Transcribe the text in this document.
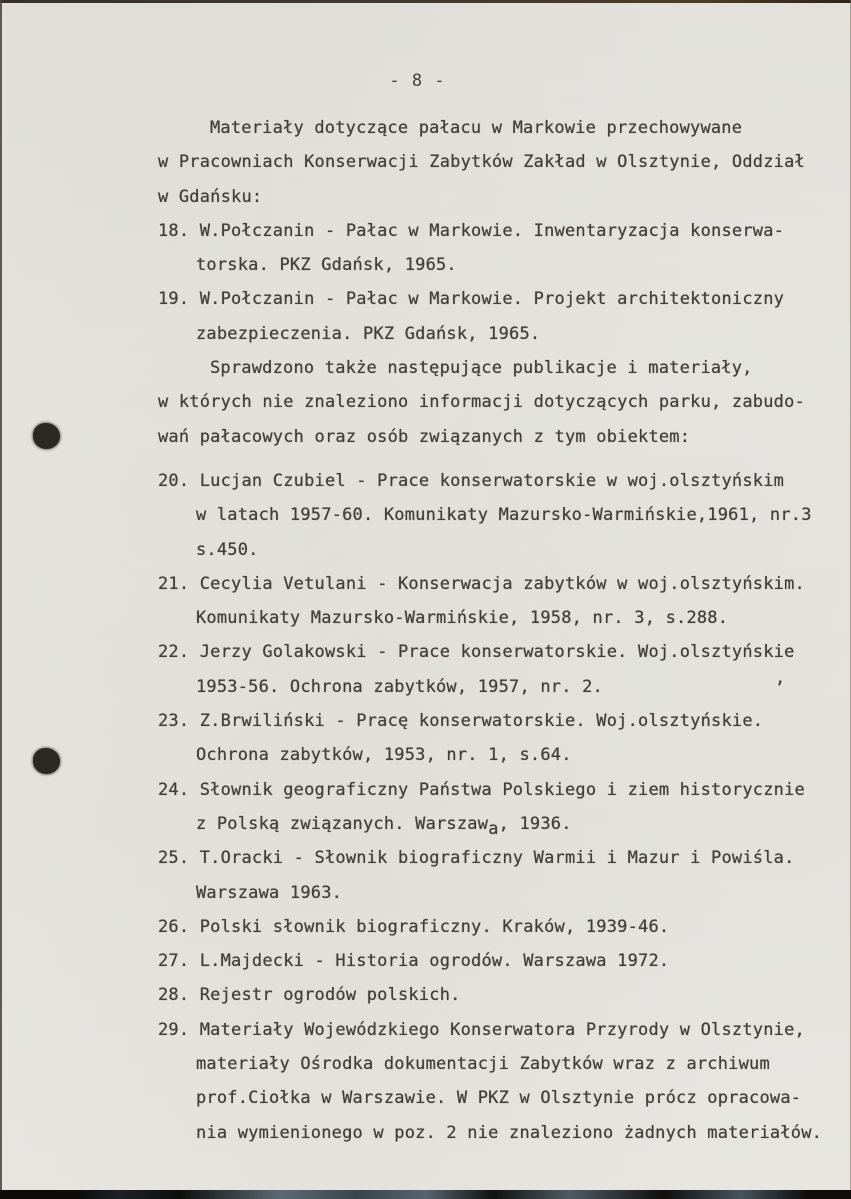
- 8 -
Materiały dotyczące pałacu w Markowie przechowywane
w Pracowniach Konserwacji Zabytków Zakład w Olsztynie, Oddział
w Gdańsku:
18. W.Połczanin - Pałac w Markowie. Inwentaryzacja konserwa-
torska. PKZ Gdańsk, 1965.
19. W.Połczanin - Pałac w Markowie. Projekt architektoniczny
zabezpieczenia. PKZ Gdańsk, 1965.
Sprawdzono także następujące publikacje i materiały,
w których nie znaleziono informacji dotyczących parku, zabudo-
wań pałacowych oraz osób związanych z tym obiektem:
20. Lucjan Czubiel - Prace konserwatorskie w woj.olsztyńskim
w latach 1957-60. Komunikaty Mazursko-Warmińskie,1961, nr.3
s.450.
21. Cecylia Vetulani - Konserwacja zabytków w woj.olsztyńskim.
Komunikaty Mazursko-Warmińskie, 1958, nr. 3, s.288.
22. Jerzy Golakowski - Prace konserwatorskie. Woj.olsztyńskie
1953-56. Ochrona zabytków, 1957, nr. 2.
23. Z.Brwiliński - Pracę konserwatorskie. Woj.olsztyńskie.
Ochrona zabytków, 1953, nr. 1, s.64.
24. Słownik geograficzny Państwa Polskiego i ziem historycznie
z Polską związanych. Warszawa, 1936.
25. T.Oracki - Słownik biograficzny Warmii i Mazur i Powiśla.
Warszawa 1963.
26. Polski słownik biograficzny. Kraków, 1939-46.
27. L.Majdecki - Historia ogrodów. Warszawa 1972.
28. Rejestr ogrodów polskich.
29. Materiały Wojewódzkiego Konserwatora Przyrody w Olsztynie,
materiały Ośrodka dokumentacji Zabytków wraz z archiwum
prof.Ciołka w Warszawie. W PKZ w Olsztynie prócz opracowa-
nia wymienionego w poz. 2 nie znaleziono żadnych materiałów.
,
